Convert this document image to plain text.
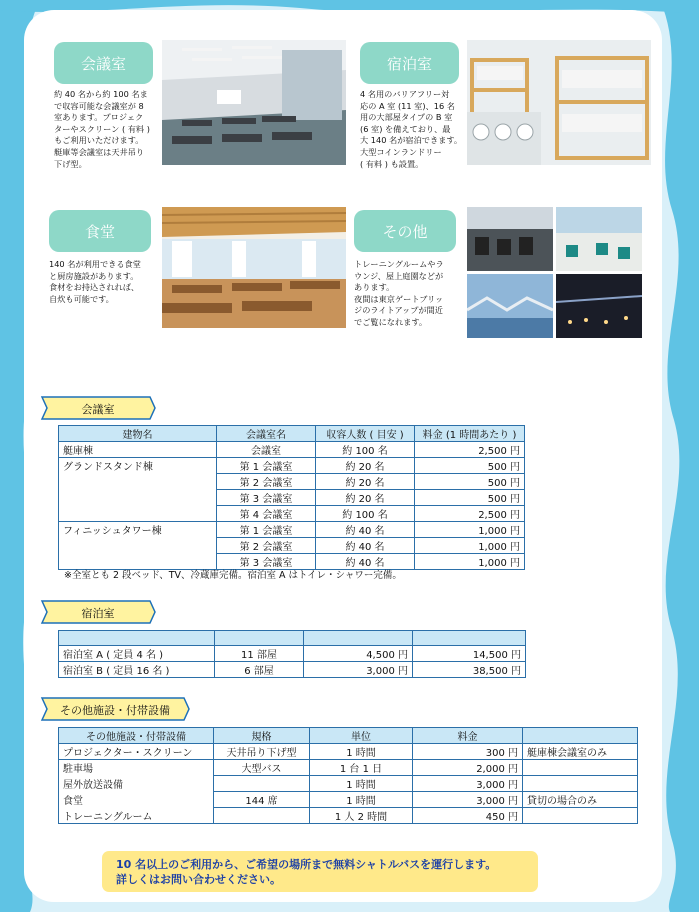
会議室
約 40 名から約 100 名ま
で収容可能な会議室が 8
室あります。プロジェク
ターやスクリーン ( 有料 )
もご利用いただけます。
艇庫等会議室は天井吊り
下げ型。
宿泊室
4 名用のバリアフリー対
応の A 室 (11 室)、16 名
用の大部屋タイプの B 室
(6 室) を備えており、最
大 140 名が宿泊できます。
大型コインランドリー
( 有料 ) も設置。
食堂
140 名が利用できる食堂
と厨房施設があります。
食材をお持込されれば、
自炊も可能です。
その他
トレーニングルームやラ
ウンジ、屋上庭園などが
あります。
夜間は東京ゲートブリッ
ジのライトアップが間近
でご覧になれます。
会議室
建物名	会議室名	収容人数 ( 目安 )	料金 (1 時間あたり )
艇庫棟	会議室	約 100 名	2,500 円
グランドスタンド棟	第 1 会議室	約 20 名	500 円
	第 2 会議室	約 20 名	500 円
	第 3 会議室	約 20 名	500 円
	第 4 会議室	約 100 名	2,500 円
フィニッシュタワー棟	第 1 会議室	約 40 名	1,000 円
	第 2 会議室	約 40 名	1,000 円
	第 3 会議室	約 40 名	1,000 円
※全室とも 2 段ベッド、TV、冷蔵庫完備。宿泊室 A はトイレ・シャワー完備。
宿泊室

宿泊室 A ( 定員 4 名 )	11 部屋	4,500 円	14,500 円
宿泊室 B ( 定員 16 名 )	6 部屋	3,000 円	38,500 円
その他施設・付帯設備
その他施設・付帯設備	規格	単位	料金	
プロジェクター・スクリーン	天井吊り下げ型	1 時間	300 円	艇庫棟会議室のみ
駐車場	大型バス	1 台 1 日	2,000 円	
屋外放送設備		1 時間	3,000 円	
食堂	144 席	1 時間	3,000 円	貸切の場合のみ
トレーニングルーム		1 人 2 時間	450 円	
10 名以上のご利用から、ご希望の場所まで無料シャトルバスを運行します。
詳しくはお問い合わせください。
